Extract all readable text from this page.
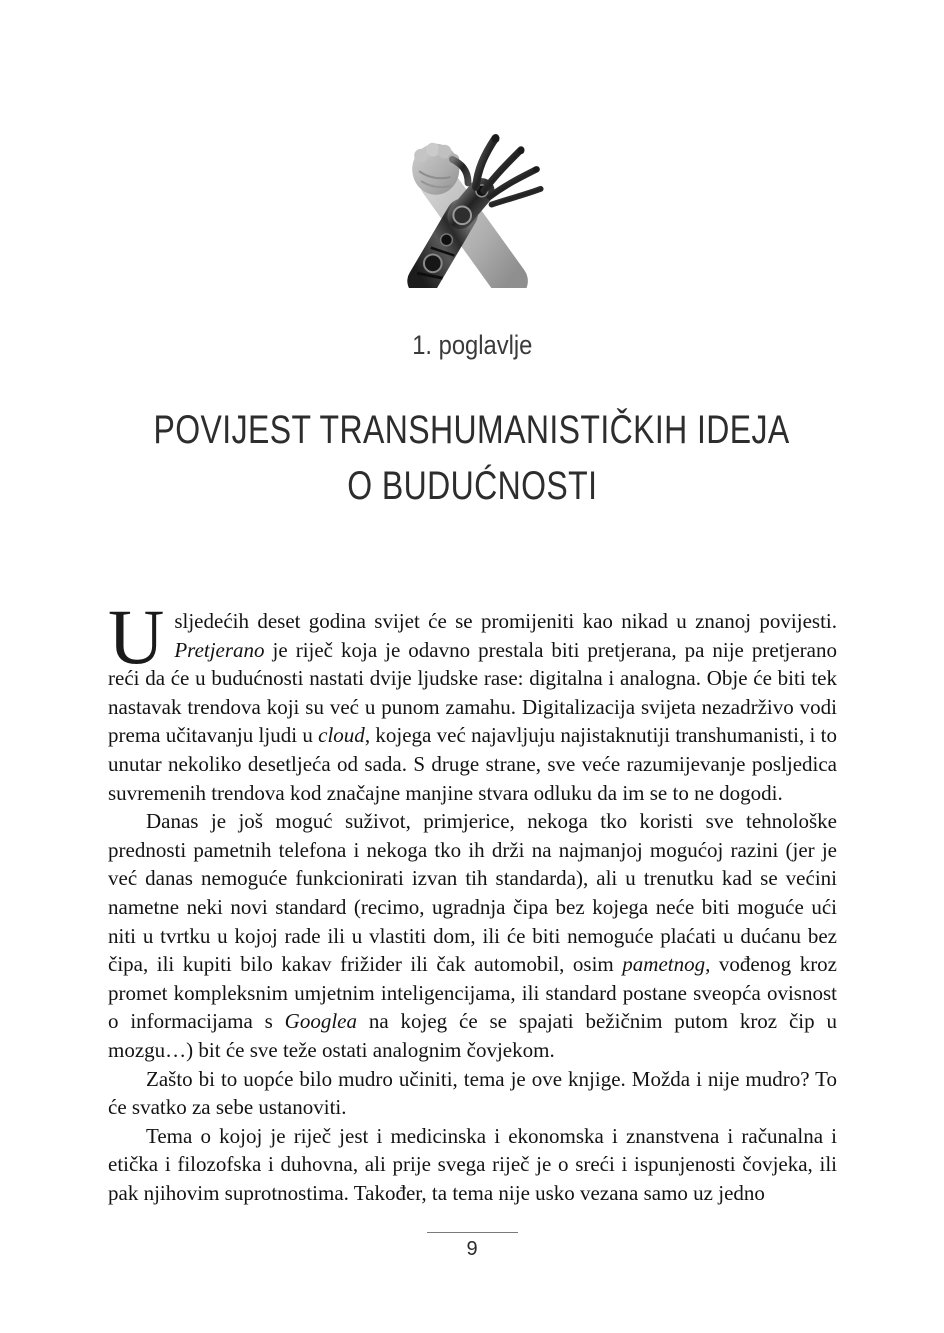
1. poglavlje
POVIJEST TRANSHUMANISTIČKIH IDEJA
O BUDUĆNOSTI

Usljedećih deset godina svijet će se promijeniti kao nikad u znanoj povijesti. Pretjerano je riječ koja je odavno prestala biti pretjerana, pa nije pretjerano reći da će u budućnosti nastati dvije ljudske rase: digitalna i analogna. Obje će biti tek nastavak trendova koji su već u punom zamahu. Digitalizacija svijeta nezadrživo vodi prema učitavanju ljudi u cloud, kojega već najavljuju najistaknutiji transhumanisti, i to unutar nekoliko desetljeća od sada. S druge strane, sve veće razumijevanje posljedica suvremenih trendova kod značajne manjine stvara odluku da im se to ne dogodi.

Danas je još moguć suživot, primjerice, nekoga tko koristi sve tehnološke prednosti pametnih telefona i nekoga tko ih drži na najmanjoj mogućoj razini (jer je već danas nemoguće funkcionirati izvan tih standarda), ali u trenutku kad se većini nametne neki novi standard (recimo, ugradnja čipa bez kojega neće biti moguće ući niti u tvrtku u kojoj rade ili u vlastiti dom, ili će biti nemoguće plaćati u dućanu bez čipa, ili kupiti bilo kakav frižider ili čak automobil, osim pametnog, vođenog kroz promet kompleksnim umjetnim inteligencijama, ili standard postane sveopća ovisnost o informacijama s Googlea na kojeg će se spajati bežičnim putom kroz čip u mozgu…) bit će sve teže ostati analognim čovjekom.

Zašto bi to uopće bilo mudro učiniti, tema je ove knjige. Možda i nije mudro? To će svatko za sebe ustanoviti.

Tema o kojoj je riječ jest i medicinska i ekonomska i znanstvena i računalna i etička i filozofska i duhovna, ali prije svega riječ je o sreći i ispunjenosti čovjeka, ili pak njihovim suprotnostima. Također, ta tema nije usko vezana samo uz jedno

9
